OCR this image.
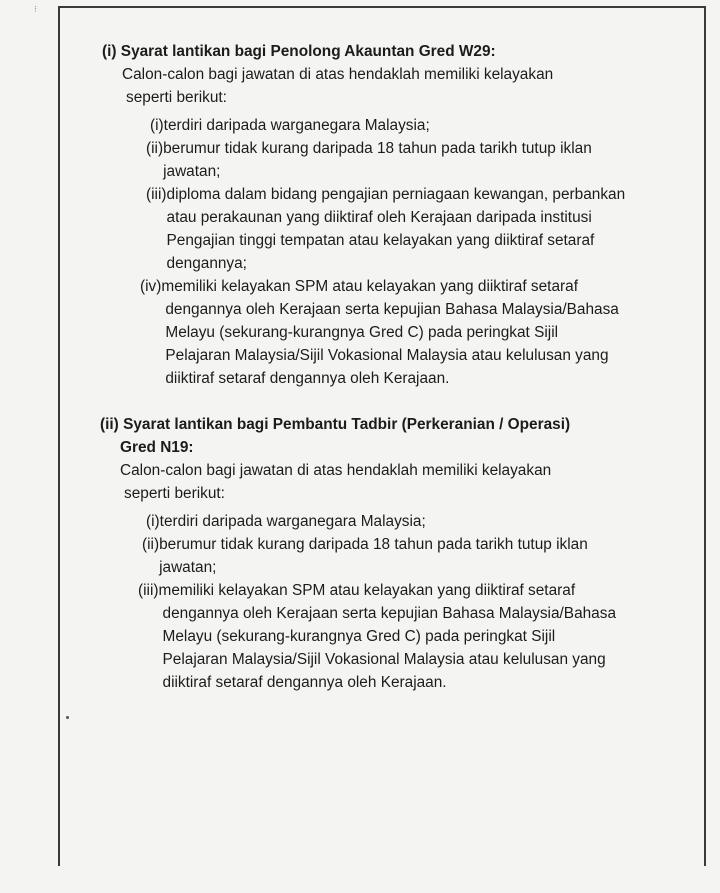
⁝
(i) Syarat lantikan bagi Penolong Akauntan Gred W29:
Calon-calon bagi jawatan di atas hendaklah memiliki kelayakan
seperti berikut:
(i) terdiri daripada warganegara Malaysia;
(ii) berumur tidak kurang daripada 18 tahun pada tarikh tutup iklan
jawatan;
(iii) diploma dalam bidang pengajian perniagaan kewangan, perbankan
atau perakaunan yang diiktiraf oleh Kerajaan daripada institusi
Pengajian tinggi tempatan atau kelayakan yang diiktiraf setaraf
dengannya;
(iv) memiliki kelayakan SPM atau kelayakan yang diiktiraf setaraf
dengannya oleh Kerajaan serta kepujian Bahasa Malaysia/Bahasa
Melayu (sekurang-kurangnya Gred C) pada peringkat Sijil
Pelajaran Malaysia/Sijil Vokasional Malaysia atau kelulusan yang
diiktiraf setaraf dengannya oleh Kerajaan.
(ii) Syarat lantikan bagi Pembantu Tadbir (Perkeranian / Operasi)
Gred N19:
Calon-calon bagi jawatan di atas hendaklah memiliki kelayakan
seperti berikut:
(i) terdiri daripada warganegara Malaysia;
(ii) berumur tidak kurang daripada 18 tahun pada tarikh tutup iklan
jawatan;
(iii) memiliki kelayakan SPM atau kelayakan yang diiktiraf setaraf
dengannya oleh Kerajaan serta kepujian Bahasa Malaysia/Bahasa
Melayu (sekurang-kurangnya Gred C) pada peringkat Sijil
Pelajaran Malaysia/Sijil Vokasional Malaysia atau kelulusan yang
diiktiraf setaraf dengannya oleh Kerajaan.
